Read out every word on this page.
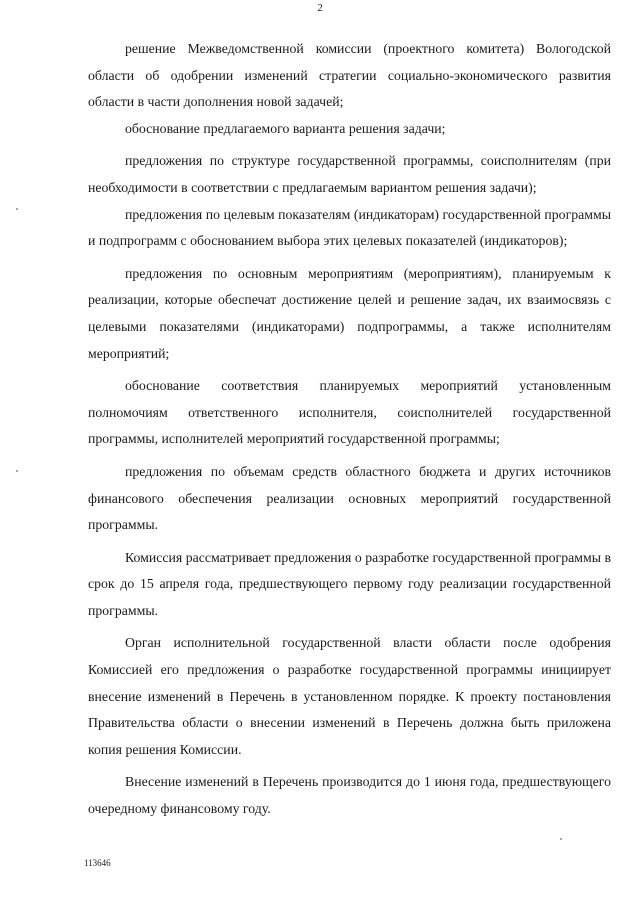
2

решение Межведомственной комиссии (проектного комитета) Вологодской области об одобрении изменений стратегии социально-экономического развития области в части дополнения новой задачей;

обоснование предлагаемого варианта решения задачи;

предложения по структуре государственной программы, соисполнителям (при необходимости в соответствии с предлагаемым вариантом решения задачи);

предложения по целевым показателям (индикаторам) государственной программы и подпрограмм с обоснованием выбора этих целевых показателей (индикаторов);

предложения по основным мероприятиям (мероприятиям), планируемым к реализации, которые обеспечат достижение целей и решение задач, их взаимосвязь с целевыми показателями (индикаторами) подпрограммы, а также исполнителям мероприятий;

обоснование соответствия планируемых мероприятий установленным полномочиям ответственного исполнителя, соисполнителей государственной программы, исполнителей мероприятий государственной программы;

предложения по объемам средств областного бюджета и других источников финансового обеспечения реализации основных мероприятий государственной программы.

Комиссия рассматривает предложения о разработке государственной программы в срок до 15 апреля года, предшествующего первому году реализации государственной программы.

Орган исполнительной государственной власти области после одобрения Комиссией его предложения о разработке государственной программы инициирует внесение изменений в Перечень в установленном порядке. К проекту постановления Правительства области о внесении изменений в Перечень должна быть приложена копия решения Комиссии.

Внесение изменений в Перечень производится до 1 июня года, предшествующего очередному финансовому году.

113646
